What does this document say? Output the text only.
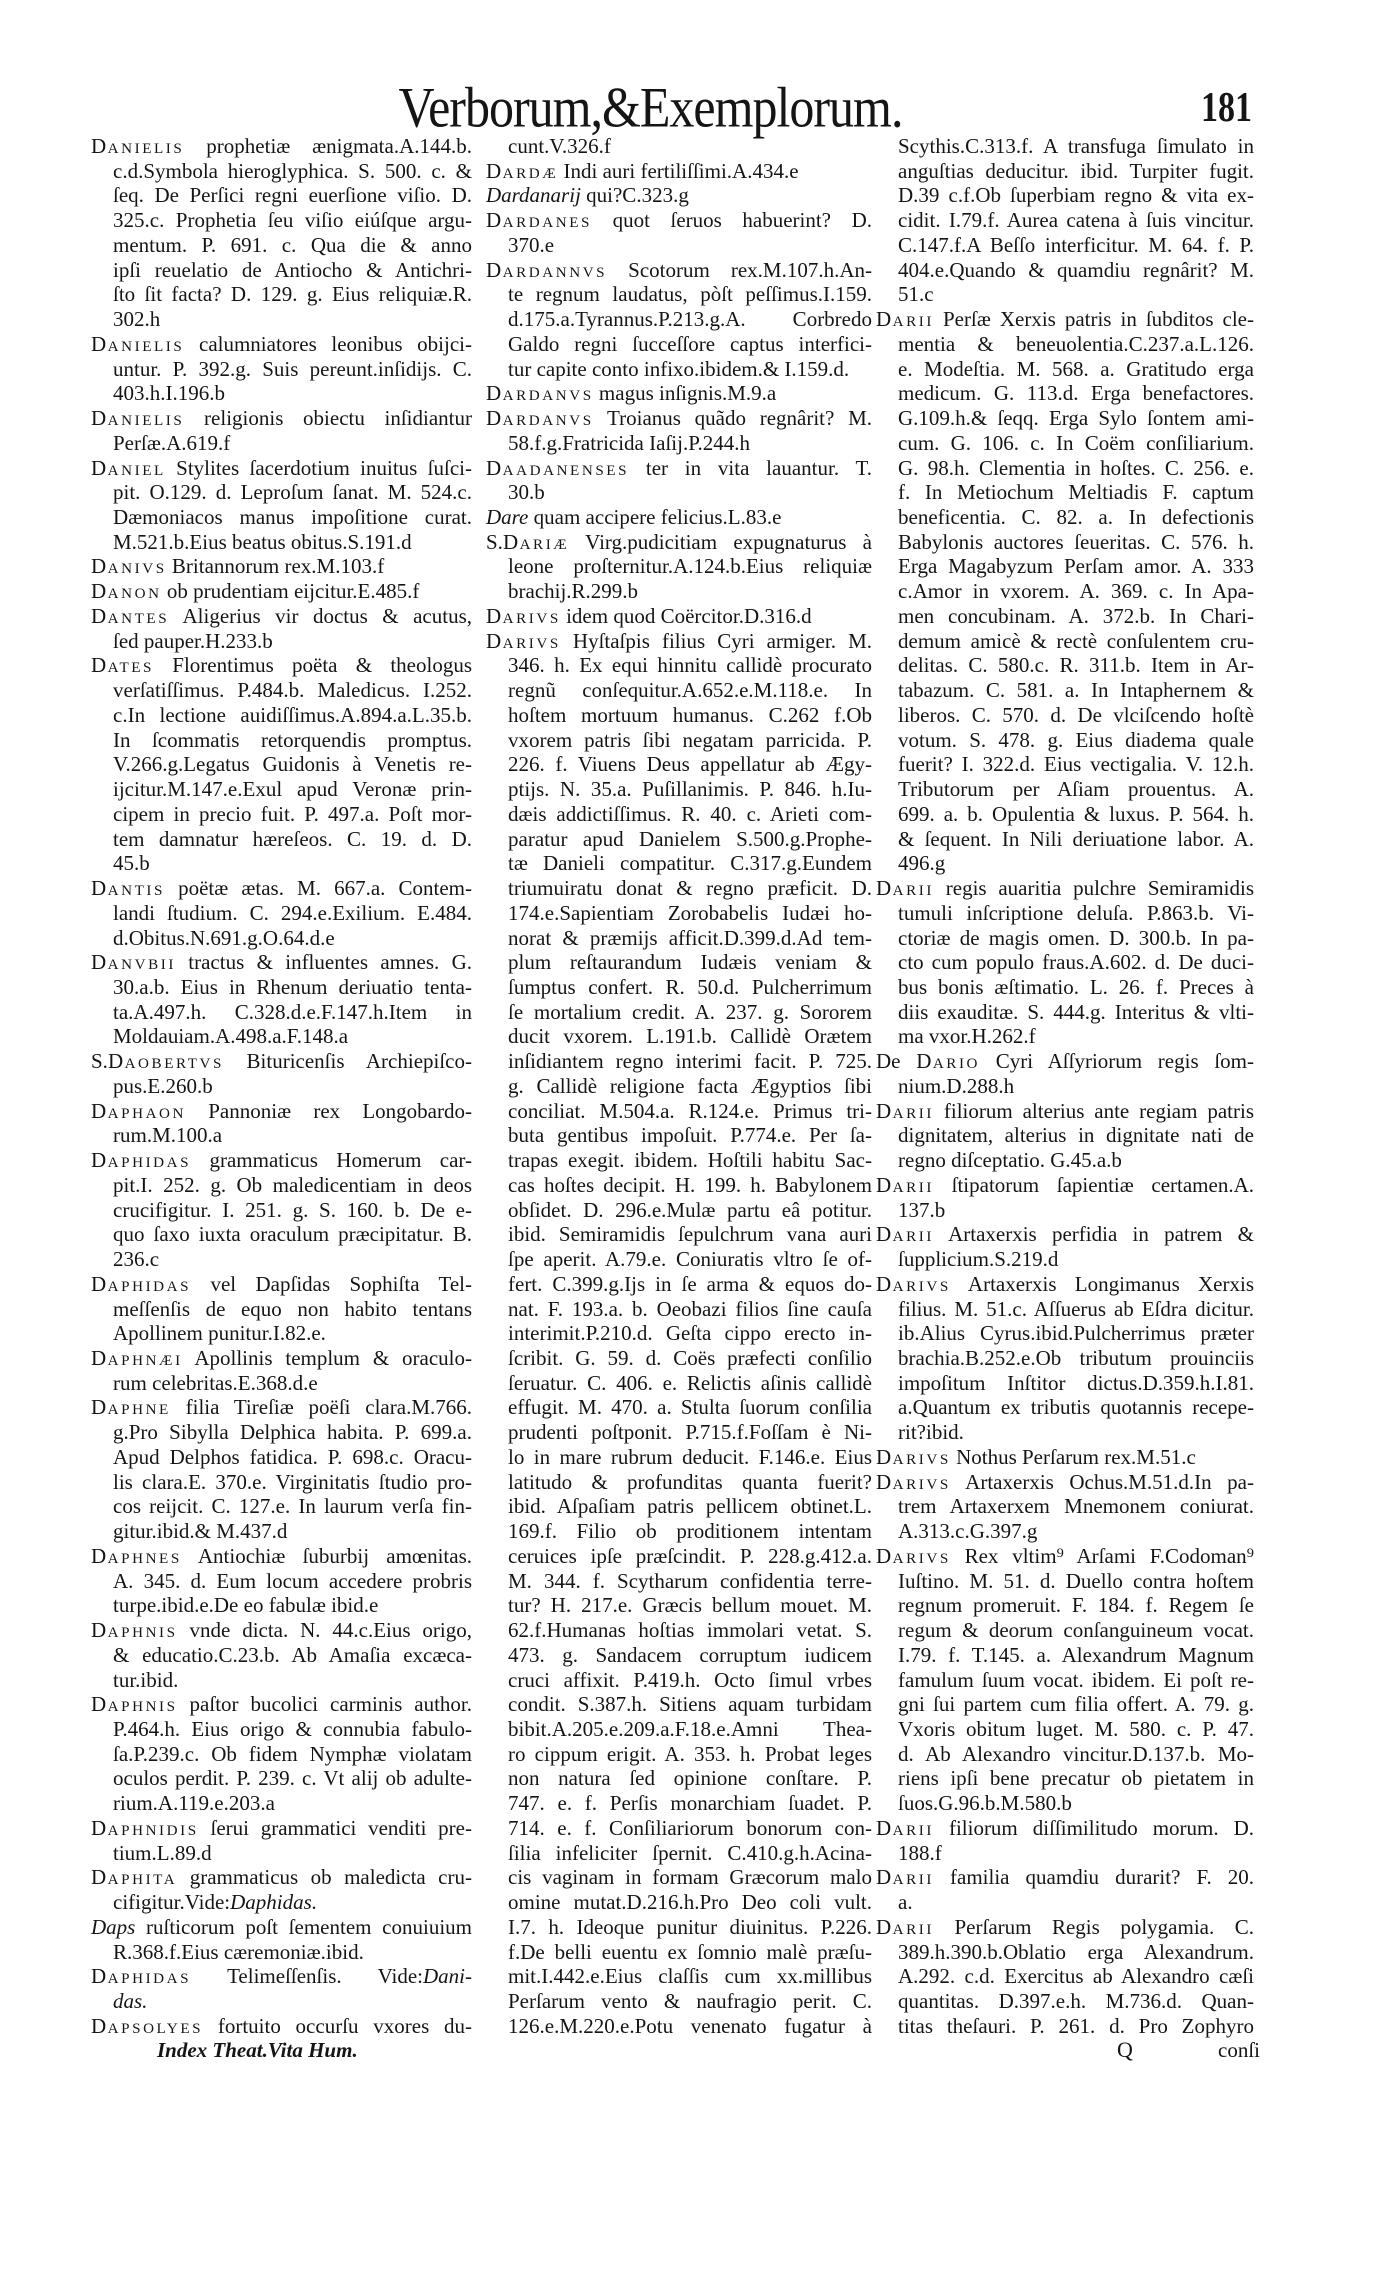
Verborum,&Exemplorum.	181
DANIELIS prophetiæ ænigmata.A.144.b.
c.d.Symbola hieroglyphica. S. 500. c. &
ſeq. De Perſici regni euerſione viſio. D.
325.c. Prophetia ſeu viſio eiúſque argu-
mentum. P. 691. c. Qua die & anno
ipſi reuelatio de Antiocho & Antichri-
ſto ſit facta? D. 129. g. Eius reliquiæ.R.
302.h
DANIELIS calumniatores leonibus obijci-
untur. P. 392.g. Suis pereunt.inſidijs. C.
403.h.I.196.b
DANIELIS religionis obiectu inſidiantur
Perſæ.A.619.f
DANIEL Stylites ſacerdotium inuitus ſuſci-
pit. O.129. d. Leproſum ſanat. M. 524.c.
Dæmoniacos manus impoſitione curat.
M.521.b.Eius beatus obitus.S.191.d
DANIVS Britannorum rex.M.103.f
DANON ob prudentiam eijcitur.E.485.f
DANTES Aligerius vir doctus & acutus,
ſed pauper.H.233.b
DATES Florentimus poëta & theologus
verſatiſſimus. P.484.b. Maledicus. I.252.
c.In lectione auidiſſimus.A.894.a.L.35.b.
In ſcommatis retorquendis promptus.
V.266.g.Legatus Guidonis à Venetis re-
ijcitur.M.147.e.Exul apud Veronæ prin-
cipem in precio fuit. P. 497.a. Poſt mor-
tem damnatur hæreſeos. C. 19. d. D.
45.b
DANTIS poëtæ ætas. M. 667.a. Contem-
landi ſtudium. C. 294.e.Exilium. E.484.
d.Obitus.N.691.g.O.64.d.e
DANVBII tractus & influentes amnes. G.
30.a.b. Eius in Rhenum deriuatio tenta-
ta.A.497.h. C.328.d.e.F.147.h.Item in
Moldauiam.A.498.a.F.148.a
S.DAOBERTVS Bituricenſis Archiepiſco-
pus.E.260.b
DAPHAON Pannoniæ rex Longobardo-
rum.M.100.a
DAPHIDAS grammaticus Homerum car-
pit.I. 252. g. Ob maledicentiam in deos
crucifigitur. I. 251. g. S. 160. b. De e-
quo ſaxo iuxta oraculum præcipitatur. B.
236.c
DAPHIDAS vel Dapſidas Sophiſta Tel-
meſſenſis de equo non habito tentans
Apollinem punitur.I.82.e.
DAPHNÆI Apollinis templum & oraculo-
rum celebritas.E.368.d.e
DAPHNE filia Tireſiæ poëſi clara.M.766.
g.Pro Sibylla Delphica habita. P. 699.a.
Apud Delphos fatidica. P. 698.c. Oracu-
lis clara.E. 370.e. Virginitatis ſtudio pro-
cos reijcit. C. 127.e. In laurum verſa fin-
gitur.ibid.& M.437.d
DAPHNES Antiochiæ ſuburbij amœnitas.
A. 345. d. Eum locum accedere probris
turpe.ibid.e.De eo fabulæ ibid.e
DAPHNIS vnde dicta. N. 44.c.Eius origo,
& educatio.C.23.b. Ab Amaſia excæca-
tur.ibid.
DAPHNIS paſtor bucolici carminis author.
P.464.h. Eius origo & connubia fabulo-
ſa.P.239.c. Ob fidem Nymphæ violatam
oculos perdit. P. 239. c. Vt alij ob adulte-
rium.A.119.e.203.a
DAPHNIDIS ſerui grammatici venditi pre-
tium.L.89.d
DAPHITA grammaticus ob maledicta cru-
cifigitur.Vide:Daphidas.
Daps ruſticorum poſt ſementem conuiuium
R.368.f.Eius cæremoniæ.ibid.
DAPHIDAS Telimeſſenſis. Vide:Dani-
das.
DAPSOLYES fortuito occurſu vxores du-
cunt.V.326.f
DARDÆ Indi auri fertiliſſimi.A.434.e
Dardanarij qui?C.323.g
DARDANES quot ſeruos habuerint? D.
370.e
DARDANNVS Scotorum rex.M.107.h.An-
te regnum laudatus, pòſt peſſimus.I.159.
d.175.a.Tyrannus.P.213.g.A. Corbredo
Galdo regni ſucceſſore captus interfici-
tur capite conto infixo.ibidem.& I.159.d.
DARDANVS magus inſignis.M.9.a
DARDANVS Troianus quãdo regnârit? M.
58.f.g.Fratricida Iaſij.P.244.h
DAADANENSES ter in vita lauantur. T.
30.b
Dare quam accipere felicius.L.83.e
S.DARIÆ Virg.pudicitiam expugnaturus à
leone proſternitur.A.124.b.Eius reliquiæ
brachij.R.299.b
DARIVS idem quod Coërcitor.D.316.d
DARIVS Hyſtaſpis filius Cyri armiger. M.
346. h. Ex equi hinnitu callidè procurato
regnũ conſequitur.A.652.e.M.118.e. In
hoſtem mortuum humanus. C.262 f.Ob
vxorem patris ſibi negatam parricida. P.
226. f. Viuens Deus appellatur ab Ægy-
ptijs. N. 35.a. Puſillanimis. P. 846. h.Iu-
dæis addictiſſimus. R. 40. c. Arieti com-
paratur apud Danielem S.500.g.Prophe-
tæ Danieli compatitur. C.317.g.Eundem
triumuiratu donat & regno præficit. D.
174.e.Sapientiam Zorobabelis Iudæi ho-
norat & præmijs afficit.D.399.d.Ad tem-
plum reſtaurandum Iudæis veniam &
ſumptus confert. R. 50.d. Pulcherrimum
ſe mortalium credit. A. 237. g. Sororem
ducit vxorem. L.191.b. Callidè Orætem
inſidiantem regno interimi facit. P. 725.
g. Callidè religione facta Ægyptios ſibi
conciliat. M.504.a. R.124.e. Primus tri-
buta gentibus impoſuit. P.774.e. Per ſa-
trapas exegit. ibidem. Hoſtili habitu Sac-
cas hoſtes decipit. H. 199. h. Babylonem
obſidet. D. 296.e.Mulæ partu eâ potitur.
ibid. Semiramidis ſepulchrum vana auri
ſpe aperit. A.79.e. Coniuratis vltro ſe of-
fert. C.399.g.Ijs in ſe arma & equos do-
nat. F. 193.a. b. Oeobazi filios ſine cauſa
interimit.P.210.d. Geſta cippo erecto in-
ſcribit. G. 59. d. Coës præfecti conſilio
ſeruatur. C. 406. e. Relictis aſinis callidè
effugit. M. 470. a. Stulta ſuorum conſilia
prudenti poſtponit. P.715.f.Foſſam è Ni-
lo in mare rubrum deducit. F.146.e. Eius
latitudo & profunditas quanta fuerit?
ibid. Aſpaſiam patris pellicem obtinet.L.
169.f. Filio ob proditionem intentam
ceruices ipſe præſcindit. P. 228.g.412.a.
M. 344. f. Scytharum confidentia terre-
tur? H. 217.e. Græcis bellum mouet. M.
62.f.Humanas hoſtias immolari vetat. S.
473. g. Sandacem corruptum iudicem
cruci affixit. P.419.h. Octo ſimul vrbes
condit. S.387.h. Sitiens aquam turbidam
bibit.A.205.e.209.a.F.18.e.Amni Thea-
ro cippum erigit. A. 353. h. Probat leges
non natura ſed opinione conſtare. P.
747. e. f. Perſis monarchiam ſuadet. P.
714. e. f. Conſiliariorum bonorum con-
ſilia infeliciter ſpernit. C.410.g.h.Acina-
cis vaginam in formam Græcorum malo
omine mutat.D.216.h.Pro Deo coli vult.
I.7. h. Ideoque punitur diuinitus. P.226.
f.De belli euentu ex ſomnio malè præſu-
mit.I.442.e.Eius claſſis cum xx.millibus
Perſarum vento & naufragio perit. C.
126.e.M.220.e.Potu venenato fugatur à
Scythis.C.313.f. A transfuga ſimulato in
anguſtias deducitur. ibid. Turpiter fugit.
D.39 c.f.Ob ſuperbiam regno & vita ex-
cidit. I.79.f. Aurea catena à ſuis vincitur.
C.147.f.A Beſſo interficitur. M. 64. f. P.
404.e.Quando & quamdiu regnârit? M.
51.c
DARII Perſæ Xerxis patris in ſubditos cle-
mentia & beneuolentia.C.237.a.L.126.
e. Modeſtia. M. 568. a. Gratitudo erga
medicum. G. 113.d. Erga benefactores.
G.109.h.& ſeqq. Erga Sylo ſontem ami-
cum. G. 106. c. In Coëm conſiliarium.
G. 98.h. Clementia in hoſtes. C. 256. e.
f. In Metiochum Meltiadis F. captum
beneficentia. C. 82. a. In defectionis
Babylonis auctores ſeueritas. C. 576. h.
Erga Magabyzum Perſam amor. A. 333
c.Amor in vxorem. A. 369. c. In Apa-
men concubinam. A. 372.b. In Chari-
demum amicè & rectè conſulentem cru-
delitas. C. 580.c. R. 311.b. Item in Ar-
tabazum. C. 581. a. In Intaphernem &
liberos. C. 570. d. De vlciſcendo hoſtè
votum. S. 478. g. Eius diadema quale
fuerit? I. 322.d. Eius vectigalia. V. 12.h.
Tributorum per Aſiam prouentus. A.
699. a. b. Opulentia & luxus. P. 564. h.
& ſequent. In Nili deriuatione labor. A.
496.g
DARII regis auaritia pulchre Semiramidis
tumuli inſcriptione deluſa. P.863.b. Vi-
ctoriæ de magis omen. D. 300.b. In pa-
cto cum populo fraus.A.602. d. De duci-
bus bonis æſtimatio. L. 26. f. Preces à
diis exauditæ. S. 444.g. Interitus & vlti-
ma vxor.H.262.f
De DARIO Cyri Aſſyriorum regis ſom-
nium.D.288.h
DARII filiorum alterius ante regiam patris
dignitatem, alterius in dignitate nati de
regno diſceptatio. G.45.a.b
DARII ſtipatorum ſapientiæ certamen.A.
137.b
DARII Artaxerxis perfidia in patrem &
ſupplicium.S.219.d
DARIVS Artaxerxis Longimanus Xerxis
filius. M. 51.c. Aſſuerus ab Eſdra dicitur.
ib.Alius Cyrus.ibid.Pulcherrimus præter
brachia.B.252.e.Ob tributum prouinciis
impoſitum Inſtitor dictus.D.359.h.I.81.
a.Quantum ex tributis quotannis recepe-
rit?ibid.
DARIVS Nothus Perſarum rex.M.51.c
DARIVS Artaxerxis Ochus.M.51.d.In pa-
trem Artaxerxem Mnemonem coniurat.
A.313.c.G.397.g
DARIVS Rex vltim⁹ Arſami F.Codoman⁹
Iuſtino. M. 51. d. Duello contra hoſtem
regnum promeruit. F. 184. f. Regem ſe
regum & deorum conſanguineum vocat.
I.79. f. T.145. a. Alexandrum Magnum
famulum ſuum vocat. ibidem. Ei poſt re-
gni ſui partem cum filia offert. A. 79. g.
Vxoris obitum luget. M. 580. c. P. 47.
d. Ab Alexandro vincitur.D.137.b. Mo-
riens ipſi bene precatur ob pietatem in
ſuos.G.96.b.M.580.b
DARII filiorum diſſimilitudo morum. D.
188.f
DARII familia quamdiu durarit? F. 20.
a.
DARII Perſarum Regis polygamia. C.
389.h.390.b.Oblatio erga Alexandrum.
A.292. c.d. Exercitus ab Alexandro cæſi
quantitas. D.397.e.h. M.736.d. Quan-
titas theſauri. P. 261. d. Pro Zophyro
Index Theat.Vita Hum.	Q	conſi
